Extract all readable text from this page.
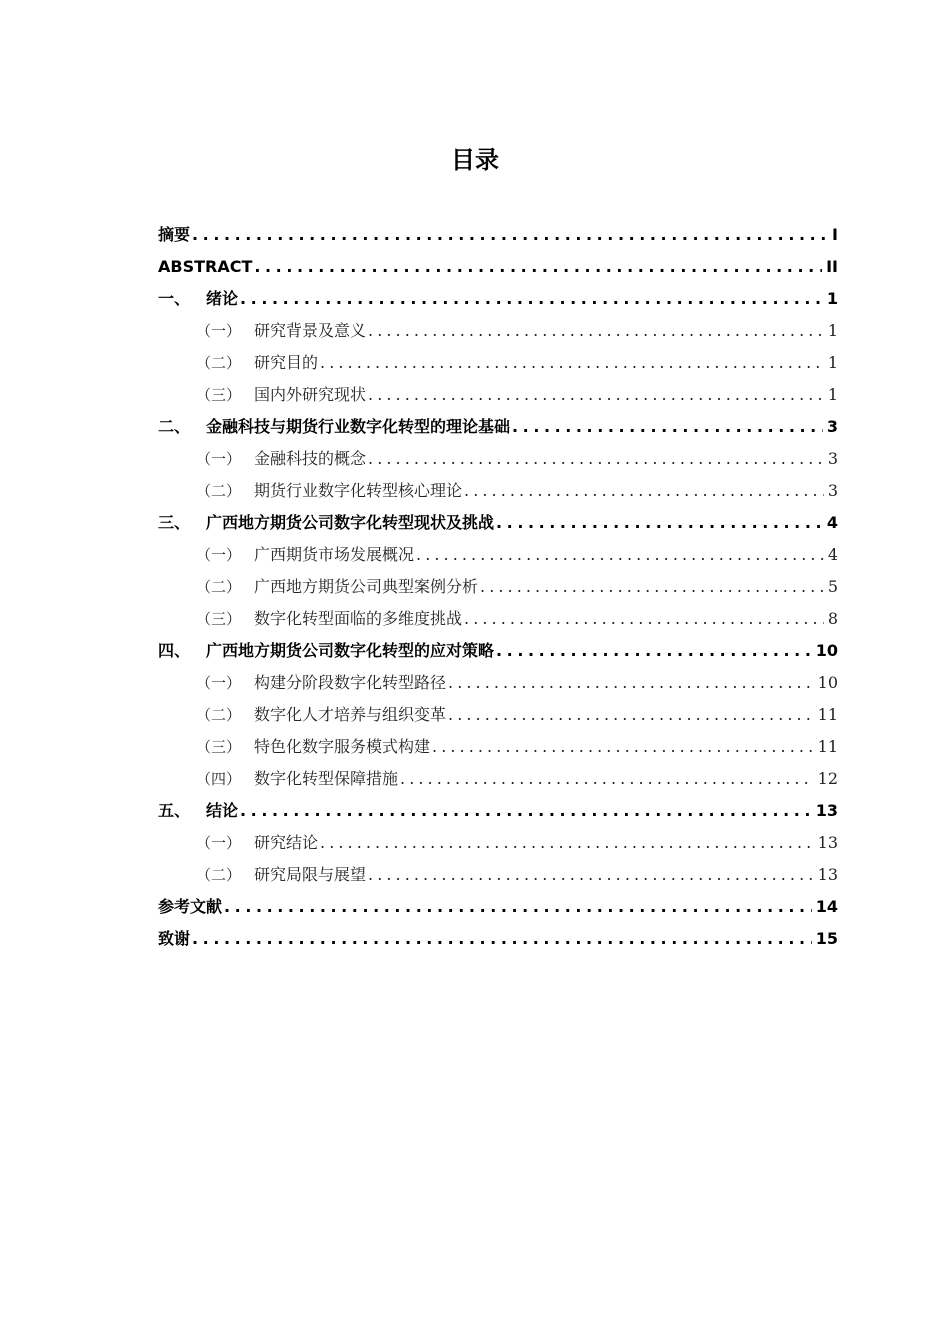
目录
摘要 . . .	I
ABSTRACT . . .	II
一、 绪论 . . .	1
（一） 研究背景及意义 . . .	1
（二） 研究目的 . . .	1
（三） 国内外研究现状 . . .	1
二、 金融科技与期货行业数字化转型的理论基础 . . .	3
（一） 金融科技的概念 . . .	3
（二） 期货行业数字化转型核心理论 . . .	3
三、 广西地方期货公司数字化转型现状及挑战 . . .	4
（一） 广西期货市场发展概况 . . .	4
（二） 广西地方期货公司典型案例分析 . . .	5
（三） 数字化转型面临的多维度挑战 . . .	8
四、 广西地方期货公司数字化转型的应对策略 . . .	10
（一） 构建分阶段数字化转型路径 . . .	10
（二） 数字化人才培养与组织变革 . . .	11
（三） 特色化数字服务模式构建 . . .	11
（四） 数字化转型保障措施 . . .	12
五、 结论 . . .	13
（一） 研究结论 . . .	13
（二） 研究局限与展望 . . .	13
参考文献 . . .	14
致谢 . . .	15
